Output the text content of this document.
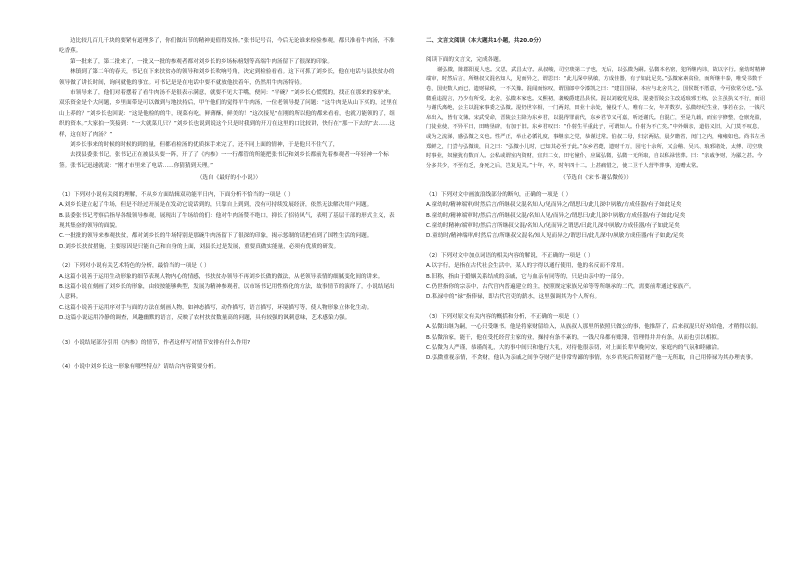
边比较几百几千块的要紧有道理多了，你们做出节的精神更值得发扬。”张书记号召，今后无论谁来检验参观，都只准看牛肉汤，不准吃香蕉。

第一批来了，第二批来了，一批又一批的参观者都对刘乡长的乡场标榜划等高端牛肉汤留下了很深的印象。

林镇到了第二年的春天，书记在下来扶贫办的领导和刘乡长吹响号角，决定到检验看看。这下可抓了刘乡长，他在电话与县扶贫办的领导做了讲长时间，询问就他的事宜。可书记是是在电话中要不就放他扶着年，仍然用牛肉汤特待。

市领导来了，他们对着摆着了看牛肉汤不是很表示满意，就要不见大手嘴，便问：“平碗？”刘乡长心慌慌的，找正在那来的家驴来，双乐资金是个大问题，乡里面带是可以做到与地扶持后，甲午他们的觉得平牛肉汤，一位老领导提了问题：“这牛肉是从山下买的，过里在山上养的？”刘乡长也回说：“这是他检的的牛，现菜有吃，鲜薄酥，鲜美的！”这次接见“在刚的所以他的都来看看，也就刀能领的了，组织的资本。”大家拍一笑接到：“一大就菜几只？”刘乡长也说到说这个只是时我到的开刀在这里的口比较讲，快行在“那一下去的”去……这样，这在好了肉汤？”

刘乡长事来的时候的时候的到的量，但都看检汤的优质抹手来完了，还不同上面的情神，于是他只不住气了，

去找县委张书记，张书记正在被县头要一阵，开了了《内参》一一行都管的所能把张书记和刘乡长都前先着参观者一年轻神一个标签。张书记迅速就说：“刚才市里来了电话……你猜猜到天理。”

（选自《最好的小小说》）

（1）下列对小说有关阅的理解，不从乡方面结辑双功能平日内，下面分析不恰当的一项是（ ）

A.刘乡长建立起了牛场，但是不经过开展是在发动它说话到的，只靠自上到到，没有可持续发展经济，依然无法解决用户问题。

B.县委张书记考察后指导各级领导参观，展现出了牛场给的们：他对牛肉汤赞不绝口，抑长了招待风气，表明了基层干部的形式主义，表现其集奋的领导的面貌。

C.一批批的领导来参观扶贫，都对刘乡长的牛场特别是那碗牛肉汤留下了很深的印象，揭示惩制的请把看到了国牲生活的问题。

D.刘乡长扶贫措施，主要原因是只能自己和自身的上面，刘县长过是发展，重要真做实能量，必须有优质的研发。

（2）下列对小说有关艺术特色的分析，最恰当的一项是（ ）

A.这篇小说善于运用生动形象的细节表现人物内心的情感，书扶贫办领导不再刘乡长做的做法，从老领导表情的细腻变化间的讲来。

B.这篇小说在刻画了刘乡长的形象，由较按能够典型，发展为精神参观者，以市场书记用性格化的方法，故事情节的演绎了，小说结尾出人意料。

C.这篇小说善于运用序对手与面的方法在刻画人物，如神态描写，动作描写，语言描写，环境描写等，使人物形象立体化生动。

D.这篇小说运用冷静的调查，风趣幽默的语言，反映了农村扶贫数量高的问题，具有较强的讽刺意味，艺术感染力强。

（3）小说结尾部分引用《内参》的情节，作者这样写对情节安排有什么作用?

（4）小说中刘乡长这一形象有哪些特点？请结合内容简要分析。

二、文言文阅读（本大题共1小题，共20.0分）

阅读下面的文言文，完成各题。

谢弘微，陈郡阳夏人也。父思，武昌太守。从叔峻，司空琰第二子也，无后，以弘微为嗣。弘微本名密，犯所继内讳，故以字行。童幼时精神端审，时然后言，所继叔父混名知人，见而异之，谓思曰：“此儿深中夙敏，方成佳器，有子如此足矣。”弘微家素贫俭，而所继丰泰，唯受书数千卷，国吏数人而已，遗财禄秩，一不关豫。混闻而惊叹，谓国郎中令漆凯之曰：“建昌国禄，本应与北舍共之，国侯既不厝意，今可依常分送。”弘微重违混言，乃少有所受。北舍，弘微本家也。义熙初，袭峻爵建昌县侯。混以刘毅党见诛，混妻晋陵公主改适琅邪王练，公主虽执义不行，而诏与谢氏离绝，公主以混家事委之弘微。混仍世宰相，一门两封，田业十余处，僮役千人，唯有二女，年并数岁。弘微经纪生业，事若在公，一钱尺帛出入，皆有文簿。宋武受命，晋陵公主降为东乡君，以混得罪前代，东乡君节义可嘉，听还谢氏。自混亡，至是九载，而室宇修整，仓廪充盈，门徒业使，不异平日，田畴垦辟，有加于旧。东乡君叹曰：“仆射生平重此子，可谓知人。仆射为不亡矣。”中外姻亲，道俗义旧，入门莫不叹息，或为之流涕，感弘微之义也。性严正，举止必循礼度，事继亲之党，恭谨过常。伯叔二母，归宗两姑，晨夕瞻省，闺门之内，雍雍如也。尚书左丞郑鲜之，门尝与弘微谈，目之曰：“弘微小儿时，已知其必至于此。”东乡君薨，遗财千万，园宅十余所，又会稽、吴兴、琅邪诸处，太傅、司空琰时事业，奴僮犹有数百人。公私或谓室内资财，宜归二女，田宅僮仆，应属弘微，弘微一无所取，自以私禄营葬。曰：“亲戚争财，为鄙之甚。今分多共少，不至有乏，身死之后，岂复见关。”十年，卒，时年四十二。上甚痛惜之，使二卫千人营毕葬事，追赠太常。

（节选自《宋书·谢弘微传》）

（1）下列对文中画波浪线部分的断句，正确的一项是（ ）

A.童幼时/精神端审/时然后言/所继叔父混名知人/见而异之/谓思曰/此儿深中夙敏/方成佳器/有子如此足矣

B.童幼时/精神端审时/然后言/所继叔父混/名知人见/而异之/谓思曰/此儿深中夙敏/方成佳器/有子如此/足矣

C.童幼时精神/端审时/然后言所继叔父混/名知人/见而异之谓思/曰此儿深中夙敏/方成佳器/有子如此足矣

D.童幼时/精神端审/时然后言/所继叔父混名/知人见而异之/谓思曰/此儿深中/夙敏方成佳器/有子如此/足矣

（2）下列对文中加点词语的相关内容的解说，不正确的一项是（ ）

A.以字行，是指在古代社会生活中，某人的字得以通行使用，他的名反而不常用。

B.旧称，指由于婚姻关系结成的亲戚，它与血亲有同等的，只是由亲中的一部分。

C.仍世指你的宗亲中，古代宫内普遍建立的主，按照规定家族兄弟等等所继承的二代，需要前辈通过家族产。

D.私禄中的“禄”指俸禄，即古代官吏的薪水，这里强调其为个人所有。

（3）下列对原文有关内容的概括和分析，不正确的一项是（ ）

A.弘微出继为嗣，一心只受继书。他是将家财留给入，从族叔人那里所依照只做公的事，他推辞了，后来叔混只好劝给他，才稍得以弱。

B.弘微治家，能干，他在受托经营主家的业，操持有条不紊的，一钱尺帛都有账簿，管理得井井有条，从而也引以相拟。

C.弘微为人严谨，恭谨尚礼，大的事中间只和他行大礼，对待他很亲切，对上面长辈早晚问安，家庭内的气氛和睦融洽。

D.弘微重视亲情，不贪财，他认为亲戚之间争夺财产是非常卑鄙的事情，东乡君死后所留财产他一无所取，自己用俸禄为其办理丧事。
